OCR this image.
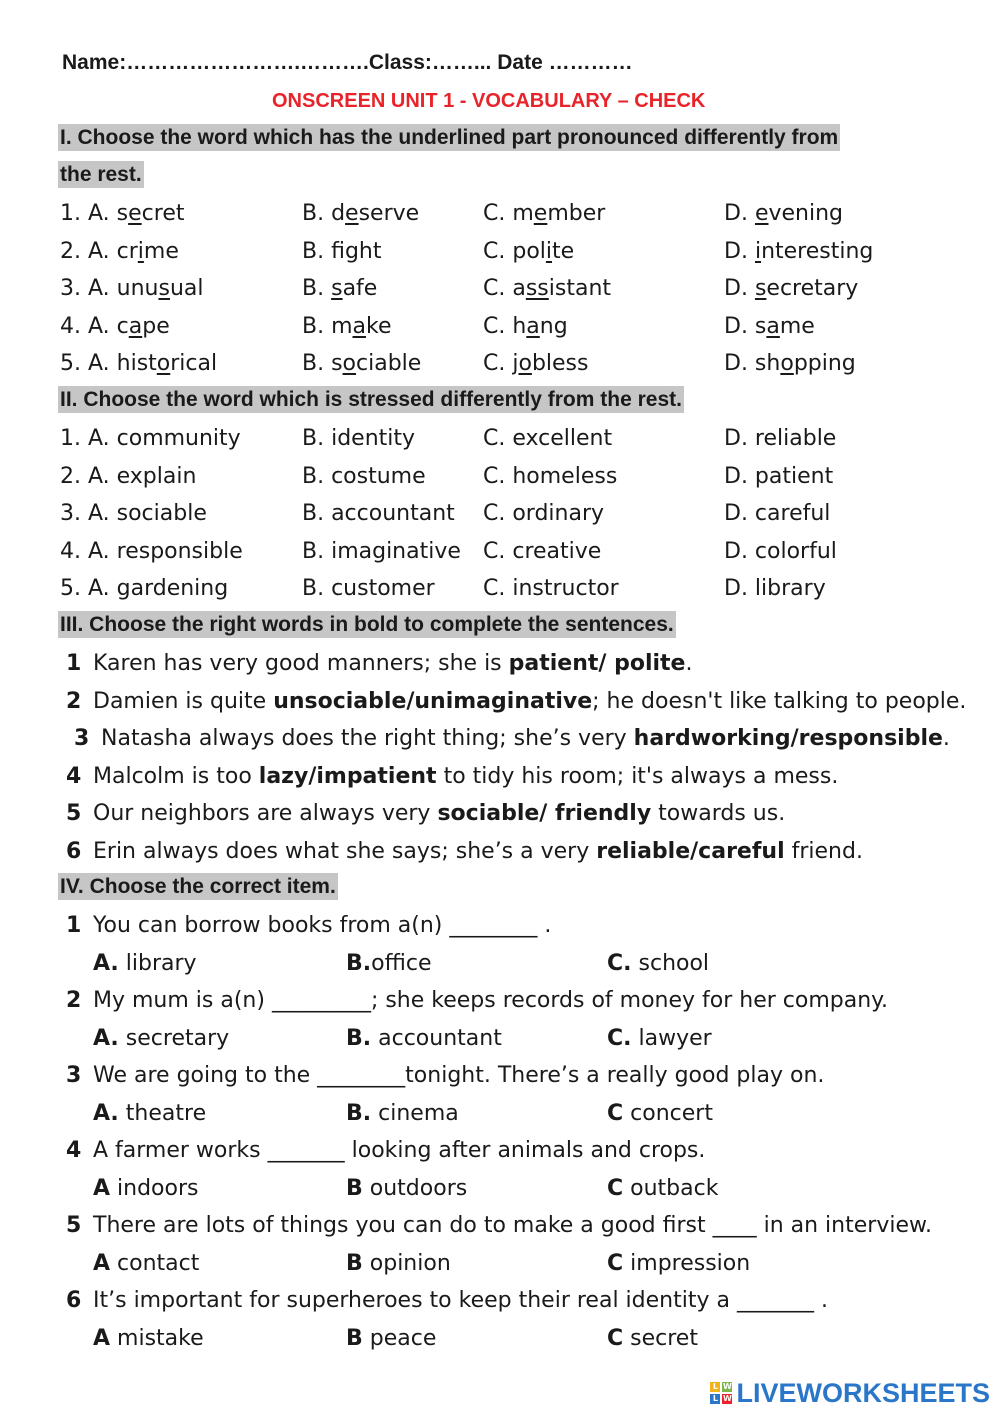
Name:…………………….……….Class:……... Date …………
ONSCREEN UNIT 1 - VOCABULARY – CHECK
I. Choose the word which has the underlined part pronounced differently from
the rest.
II. Choose the word which is stressed differently from the rest.
III. Choose the right words in bold to complete the sentences.
IV. Choose the correct item.
L W
L W LIVEWORKSHEETS
1. A. secret	B. deserve	C. member	D. evening
2. A. crime	B. fght	C. polite	D. interesting
3. A. unusual	B. safe	C. assistant	D. secretary
4. A. cape	B. make	C. hang	D. same
5. A. historical	B. sociable	C. jobless	D. shopping
1. A. community	B. identity	C. excellent	D. reliable
2. A. explain	B. costume	C. homeless	D. patient
3. A. sociable	B. accountant C. ordinary	D. careful
4. A. responsible	B. imaginative C. creative	D. colorful
5. A. gardening	B. customer C. instructor	D. library
1 Karen has very good manners; she is patient/ polite.
2 Damien is quite unsociable/unimaginative; he doesn't like talking to people.
3 Natasha always does the right thing; she’s very hardworking/responsible.
4 Malcolm is too lazy/impatient to tidy his room; it's always a mess.
5 Our neighbors are always very sociable/ friendly towards us.
6 Erin always does what she says; she’s a very reliable/careful friend.
1 You can borrow books from a(n) ________ .
A. library	B.office	C. school
2 My mum is a(n) _________; she keeps records of money for her company.
A. secretary	B. accountant	C. lawyer
3 We are going to the ________tonight. There’s a really good play on.
A. theatre	B. cinema	C concert
4 A farmer works _______ looking after animals and crops.
A indoors	B outdoors	C outback
5 There are lots of things you can do to make a good first ____ in an interview.
A contact	B opinion	C impression
6 It’s important for superheroes to keep their real identity a _______ .
A mistake	B peace	C secret
